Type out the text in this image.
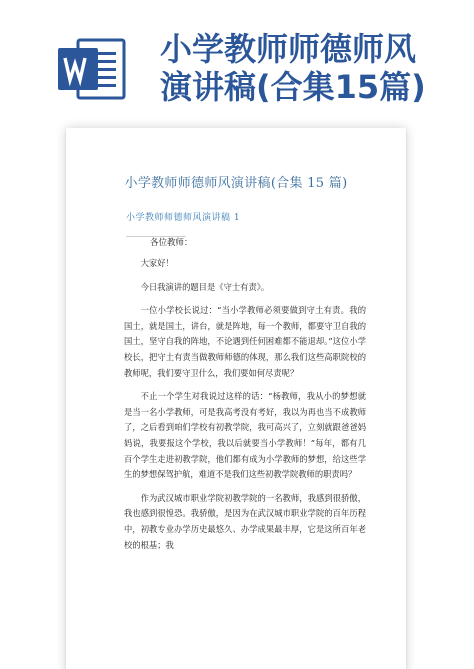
小学教师师德师风
演讲稿(合集15篇)
小学教师师德师风演讲稿(合集 15 篇)
小学教师师德师风演讲稿 1

各位教师：

大家好！

今日我演讲的题目是《守士有责》。

一位小学校长说过：“当小学教师必须要做到守土有责。我的国土，就是国土，讲台，就是阵地，每一个教师，都要守卫自我的国土，坚守自我的阵地，不论遇到任何困难都不能退却。”这位小学校长，把守土有责当做教师师德的体现，那么我们这些高职院校的教师呢，我们要守卫什么，我们要如何尽责呢？

不止一个学生对我说过这样的话：“杨教师，我从小的梦想就是当一名小学教师，可是我高考没有考好，我以为再也当不成教师了，之后看到咱们学校有初教学院，我可高兴了，立刻就跟爸爸妈妈说，我要报这个学校，我以后就要当小学教师！”每年，都有几百个学生走进初教学院，他们都有成为小学教师的梦想，给这些学生的梦想保驾护航，难道不是我们这些初教学院教师的职责吗？

作为武汉城市职业学院初教学院的一名教师，我感到很骄傲，我也感到很惶恐。我骄傲，是因为在武汉城市职业学院的百年历程中，初教专业办学历史最悠久、办学成果最丰厚，它是这所百年老校的根基；我
